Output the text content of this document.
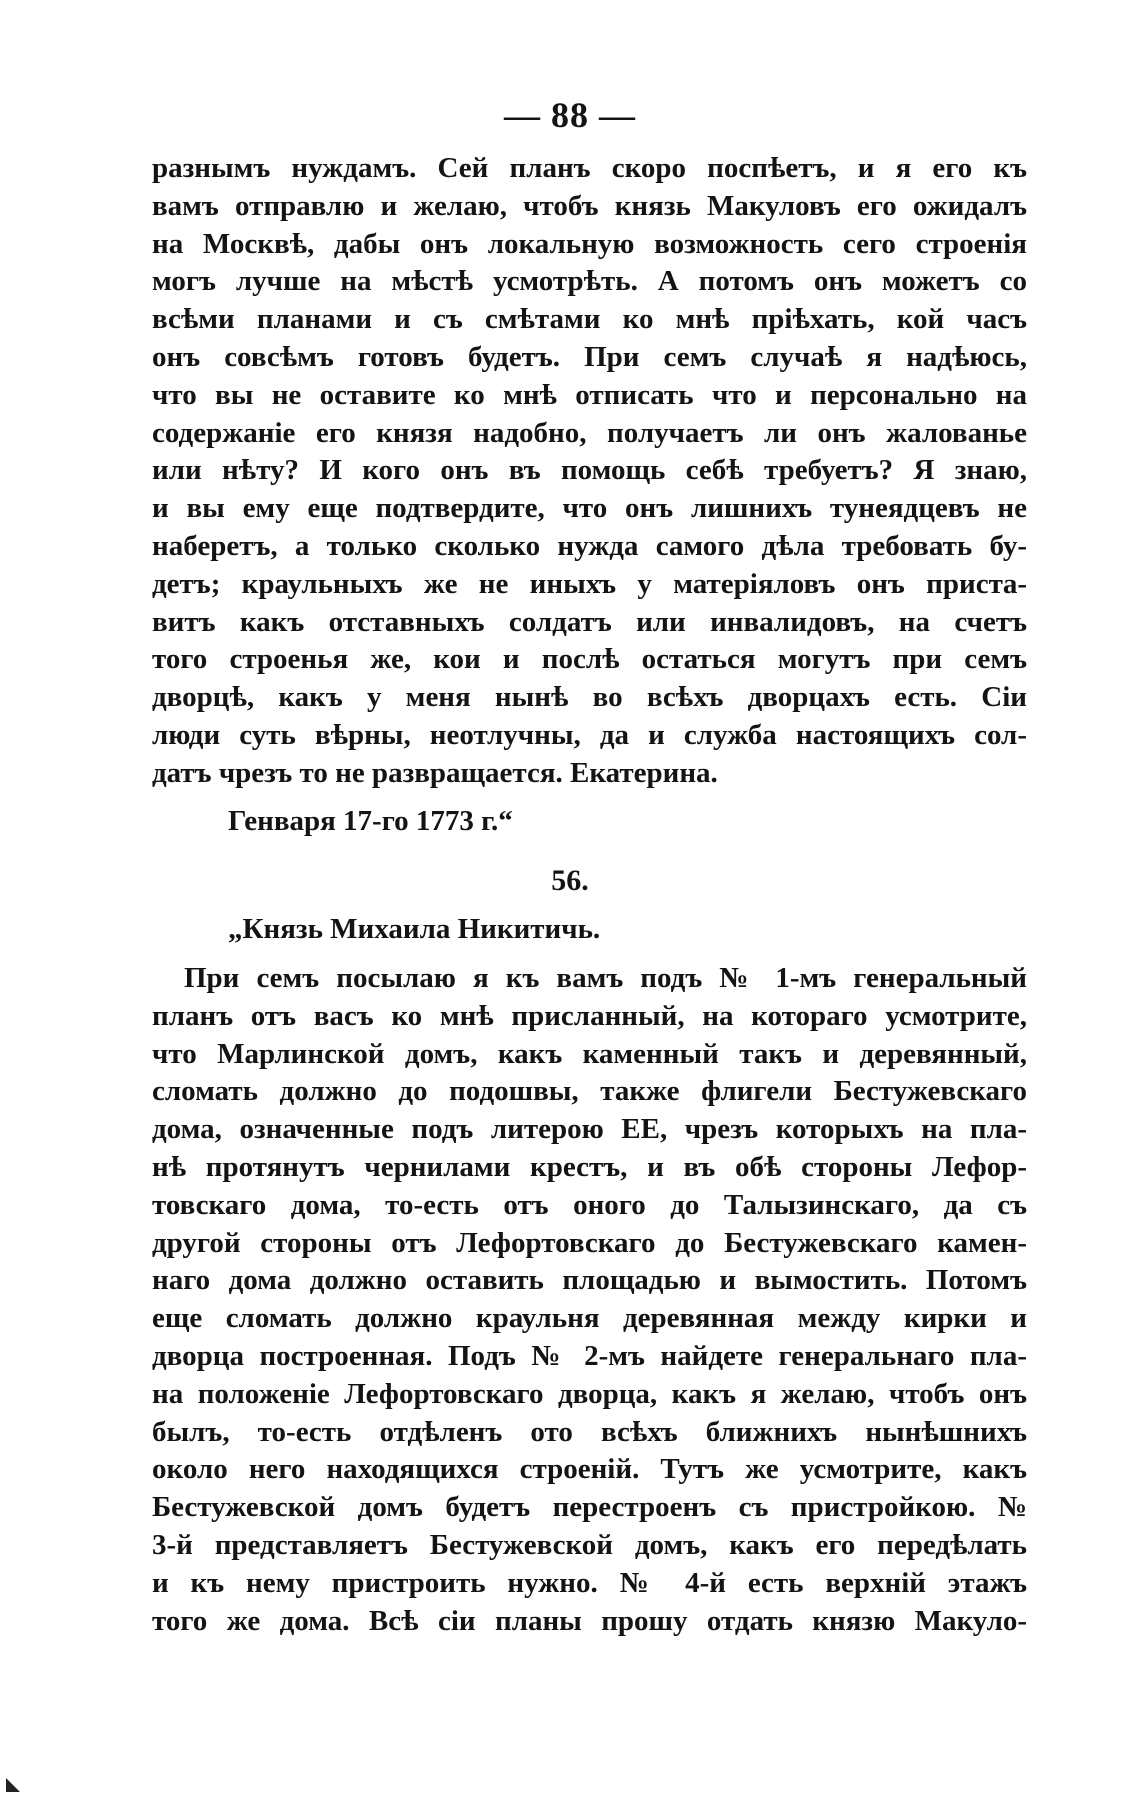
— 88 —
разнымъ нуждамъ. Сей планъ скоро поспѣетъ, и я его къ
вамъ отправлю и желаю, чтобъ князь Макуловъ его ожидалъ
на Москвѣ, дабы онъ локальную возможность сего строенія
могъ лучше на мѣстѣ усмотрѣть. А потомъ онъ можетъ со
всѣми планами и съ смѣтами ко мнѣ пріѣхать, кой часъ
онъ совсѣмъ готовъ будетъ. При семъ случаѣ я надѣюсь,
что вы не оставите ко мнѣ отписать что и персонально на
содержаніе его князя надобно, получаетъ ли онъ жалованье
или нѣту? И кого онъ въ помощь себѣ требуетъ? Я знаю,
и вы ему еще подтвердите, что онъ лишнихъ тунеядцевъ не
наберетъ, а только сколько нужда самого дѣла требовать бу-
детъ; краульныхъ же не иныхъ у матеріяловъ онъ пристa-
витъ какъ отставныхъ солдатъ или инвалидовъ, на счетъ
того строенья же, кои и послѣ остаться могутъ при семъ
дворцѣ, какъ у меня нынѣ во всѣхъ дворцахъ есть. Сіи
люди суть вѣрны, неотлучны, да и служба настоящихъ сол-
датъ чрезъ то не развращается. Екатерина.
Генваря 17-го 1773 г.“
56.
„Князь Михаила Никитичь.
При семъ посылаю я къ вамъ подъ № 1-мъ генеральный
планъ отъ васъ ко мнѣ присланный, на котораго усмотрите,
что Марлинской домъ, какъ каменный такъ и деревянный,
сломать должно до подошвы, также флигели Бестужевскаго
дома, означенные подъ литерою ЕЕ, чрезъ которыхъ на пла-
нѣ протянутъ чернилами крестъ, и въ обѣ стороны Лефор-
товскаго дома, то-есть отъ оного до Талызинскаго, да съ
другой стороны отъ Лефортовскаго до Бестужевскаго камен-
наго дома должно оставить площадью и вымостить. Потомъ
еще сломать должно краульня деревянная между кирки и
дворца построенная. Подъ № 2-мъ найдете генеральнаго пла-
на положеніе Лефортовскаго дворца, какъ я желаю, чтобъ онъ
былъ, то-есть отдѣленъ ото всѣхъ ближнихъ нынѣшнихъ
около него находящихся строеній. Тутъ же усмотрите, какъ
Бестужевской домъ будетъ перестроенъ съ пристройкою. №
3-й представляетъ Бестужевской домъ, какъ его передѣлать
и къ нему пристроить нужно. № 4-й есть верхній этажъ
того же дома. Всѣ сіи планы прошу отдать князю Макуло-
